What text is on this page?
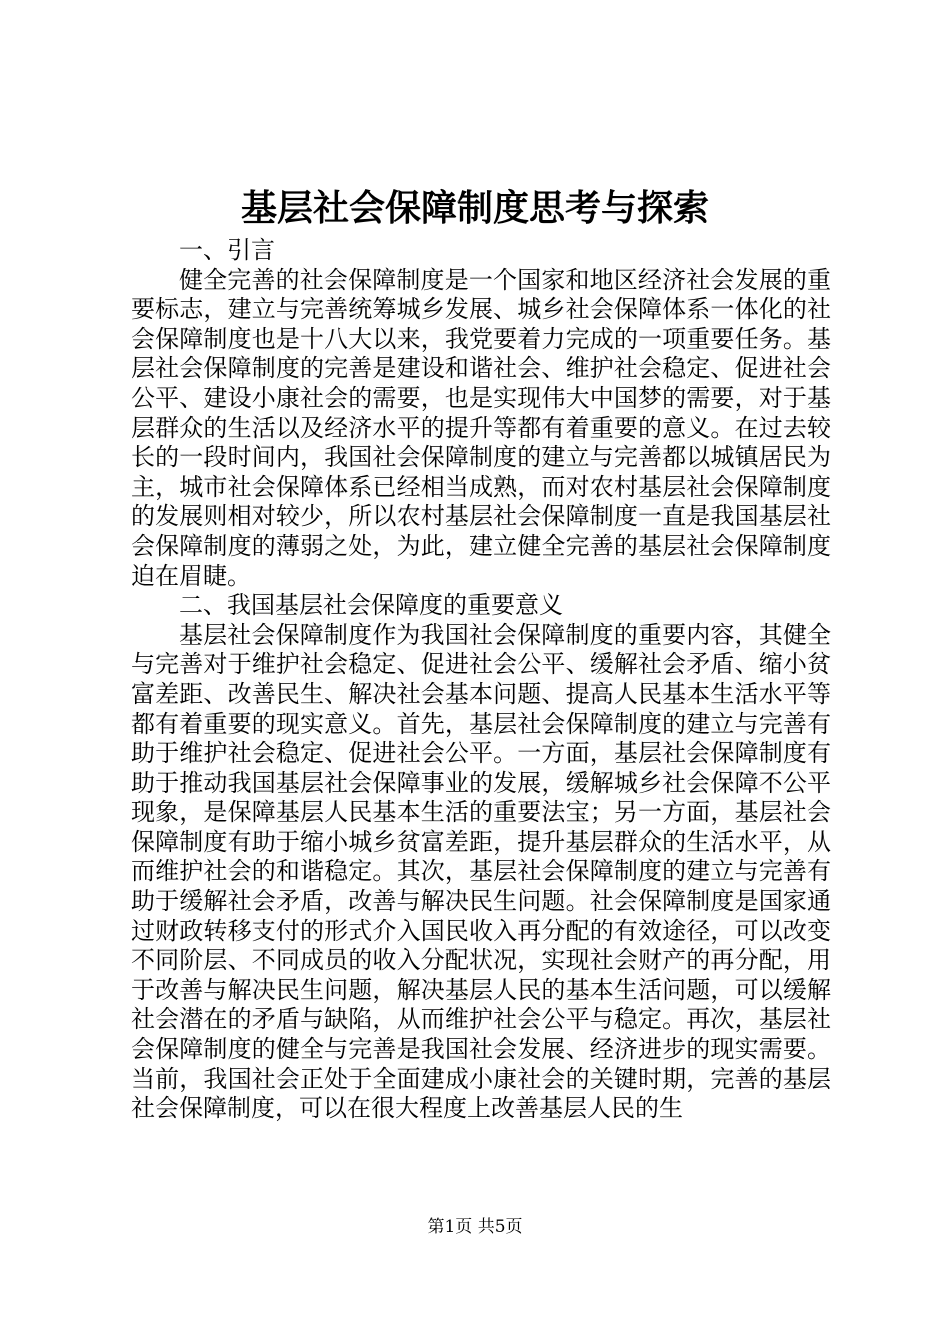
基层社会保障制度思考与探索

一、引言

健全完善的社会保障制度是一个国家和地区经济社会发展的重要标志，建立与完善统筹城乡发展、城乡社会保障体系一体化的社会保障制度也是十八大以来，我党要着力完成的一项重要任务。基层社会保障制度的完善是建设和谐社会、维护社会稳定、促进社会公平、建设小康社会的需要，也是实现伟大中国梦的需要，对于基层群众的生活以及经济水平的提升等都有着重要的意义。在过去较长的一段时间内，我国社会保障制度的建立与完善都以城镇居民为主，城市社会保障体系已经相当成熟，而对农村基层社会保障制度的发展则相对较少，所以农村基层社会保障制度一直是我国基层社会保障制度的薄弱之处，为此，建立健全完善的基层社会保障制度迫在眉睫。

二、我国基层社会保障度的重要意义

基层社会保障制度作为我国社会保障制度的重要内容，其健全与完善对于维护社会稳定、促进社会公平、缓解社会矛盾、缩小贫富差距、改善民生、解决社会基本问题、提高人民基本生活水平等都有着重要的现实意义。首先，基层社会保障制度的建立与完善有助于维护社会稳定、促进社会公平。一方面，基层社会保障制度有助于推动我国基层社会保障事业的发展，缓解城乡社会保障不公平现象，是保障基层人民基本生活的重要法宝；另一方面，基层社会保障制度有助于缩小城乡贫富差距，提升基层群众的生活水平，从而维护社会的和谐稳定。其次，基层社会保障制度的建立与完善有助于缓解社会矛盾，改善与解决民生问题。社会保障制度是国家通过财政转移支付的形式介入国民收入再分配的有效途径，可以改变不同阶层、不同成员的收入分配状况，实现社会财产的再分配，用于改善与解决民生问题，解决基层人民的基本生活问题，可以缓解社会潜在的矛盾与缺陷，从而维护社会公平与稳定。再次，基层社会保障制度的健全与完善是我国社会发展、经济进步的现实需要。当前，我国社会正处于全面建成小康社会的关键时期，完善的基层社会保障制度，可以在很大程度上改善基层人民的生

第1页 共5页
